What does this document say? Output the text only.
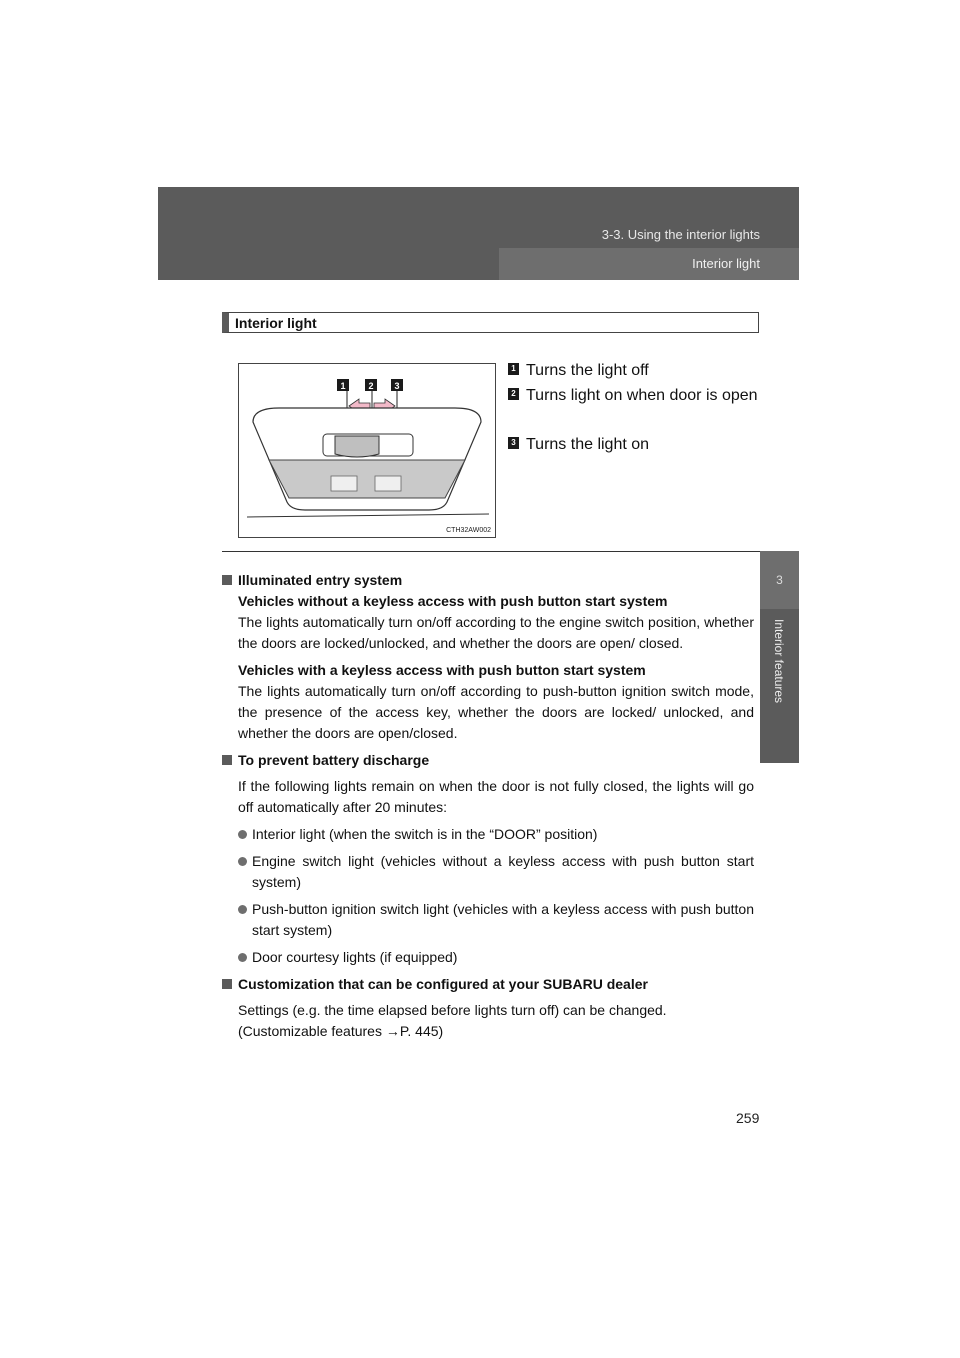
3-3. Using the interior lights
Interior light
3
Interior features
Interior light
1	2 3
CTH32AW002
1 Turns the light off
2 Turns light on when door is open
3 Turns the light on

Illuminated entry system

Vehicles without a keyless access with push button start system

The lights automatically turn on/off according to the engine switch position, whether the doors are locked/unlocked, and whether the doors are open/ closed.

Vehicles with a keyless access with push button start system

The lights automatically turn on/off according to push-button ignition switch mode, the presence of the access key, whether the doors are locked/ unlocked, and whether the doors are open/closed.

To prevent battery discharge

If the following lights remain on when the door is not fully closed, the lights will go off automatically after 20 minutes:

Interior light (when the switch is in the “DOOR” position)

Engine switch light (vehicles without a keyless access with push button start system)

Push-button ignition switch light (vehicles with a keyless access with push button start system)

Door courtesy lights (if equipped)

Customization that can be configured at your SUBARU dealer

Settings (e.g. the time elapsed before lights turn off) can be changed.

(Customizable features →P. 445)

259
